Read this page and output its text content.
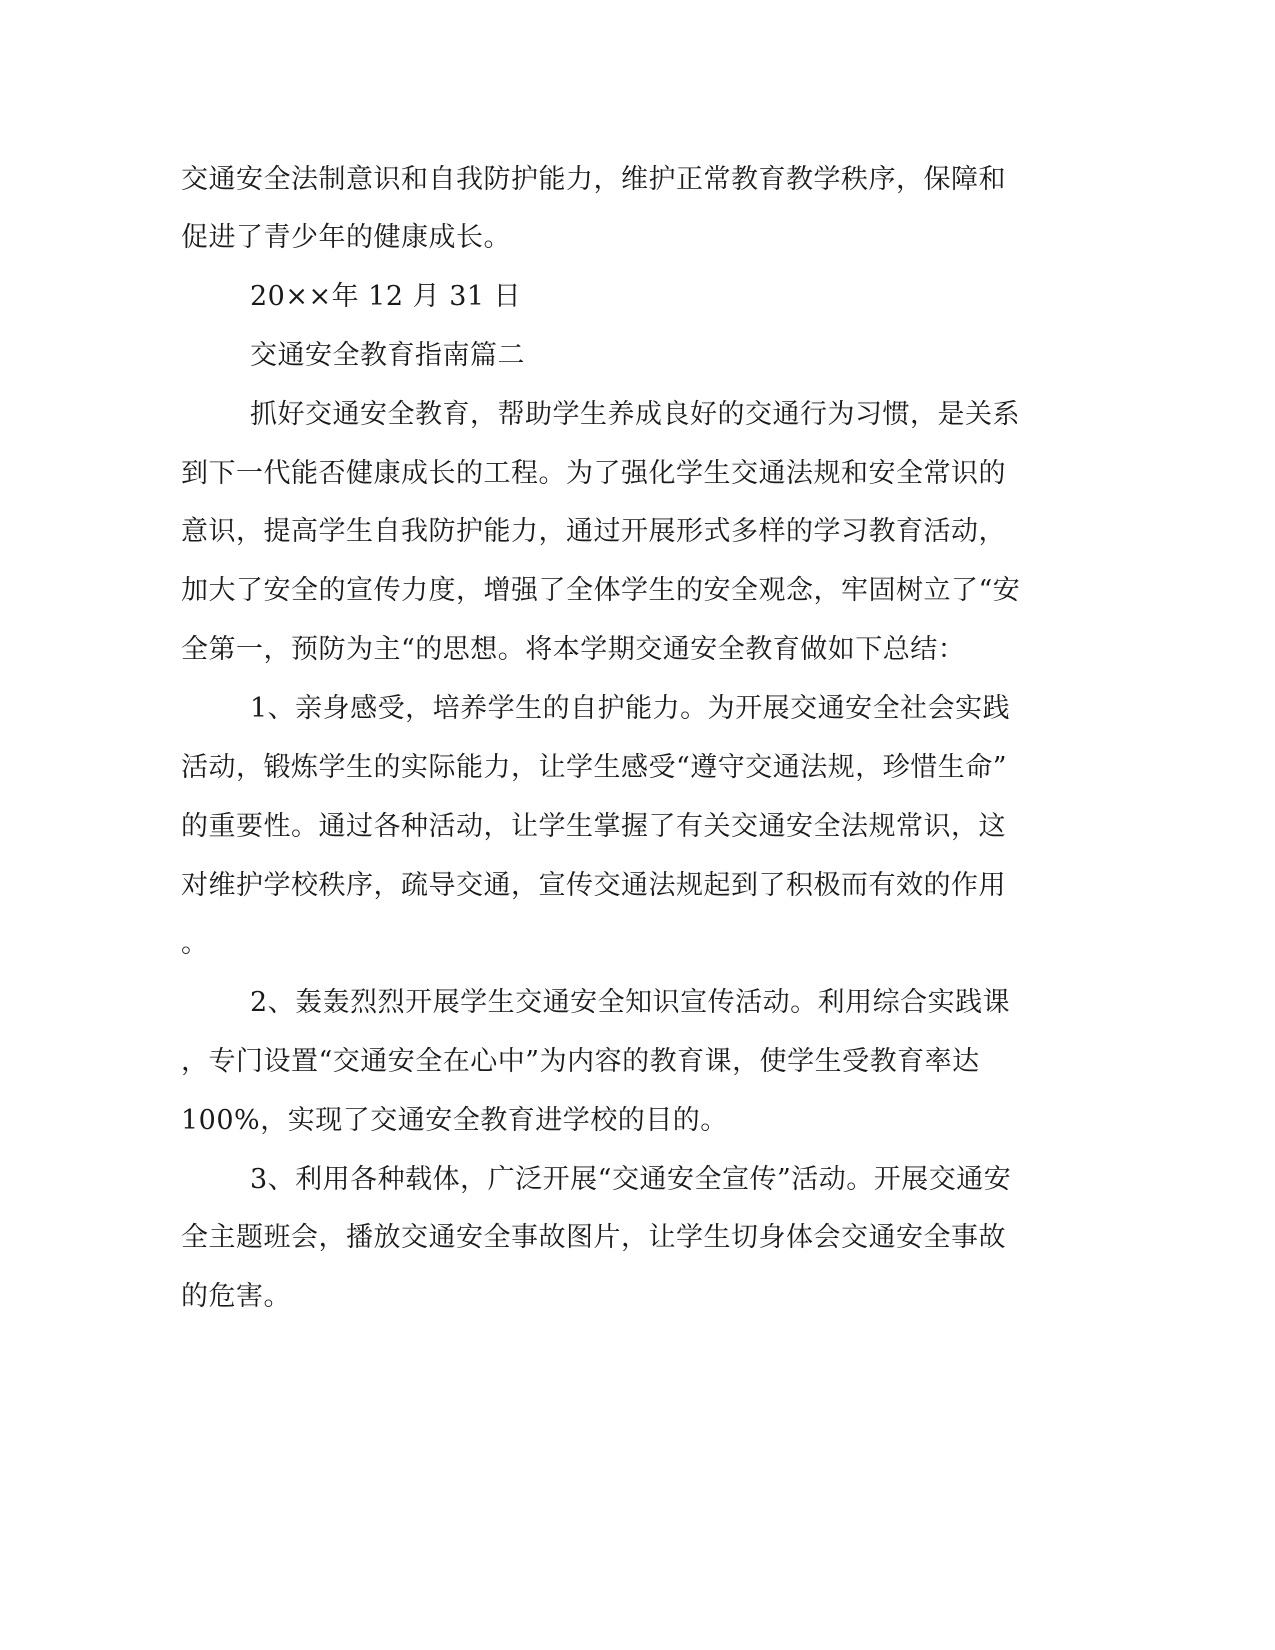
交通安全法制意识和自我防护能力，维护正常教育教学秩序，保障和
促进了青少年的健康成长。
20××年 12 月 31 日
交通安全教育指南篇二
抓好交通安全教育，帮助学生养成良好的交通行为习惯，是关系
到下一代能否健康成长的工程。为了强化学生交通法规和安全常识的
意识，提高学生自我防护能力，通过开展形式多样的学习教育活动，
加大了安全的宣传力度，增强了全体学生的安全观念，牢固树立了“安
全第一，预防为主“的思想。将本学期交通安全教育做如下总结：
1、亲身感受，培养学生的自护能力。为开展交通安全社会实践
活动，锻炼学生的实际能力，让学生感受“遵守交通法规，珍惜生命”
的重要性。通过各种活动，让学生掌握了有关交通安全法规常识，这
对维护学校秩序，疏导交通，宣传交通法规起到了积极而有效的作用
。
2、轰轰烈烈开展学生交通安全知识宣传活动。利用综合实践课
，专门设置“交通安全在心中”为内容的教育课，使学生受教育率达
100%，实现了交通安全教育进学校的目的。
3、利用各种载体，广泛开展“交通安全宣传”活动。开展交通安
全主题班会，播放交通安全事故图片，让学生切身体会交通安全事故
的危害。
